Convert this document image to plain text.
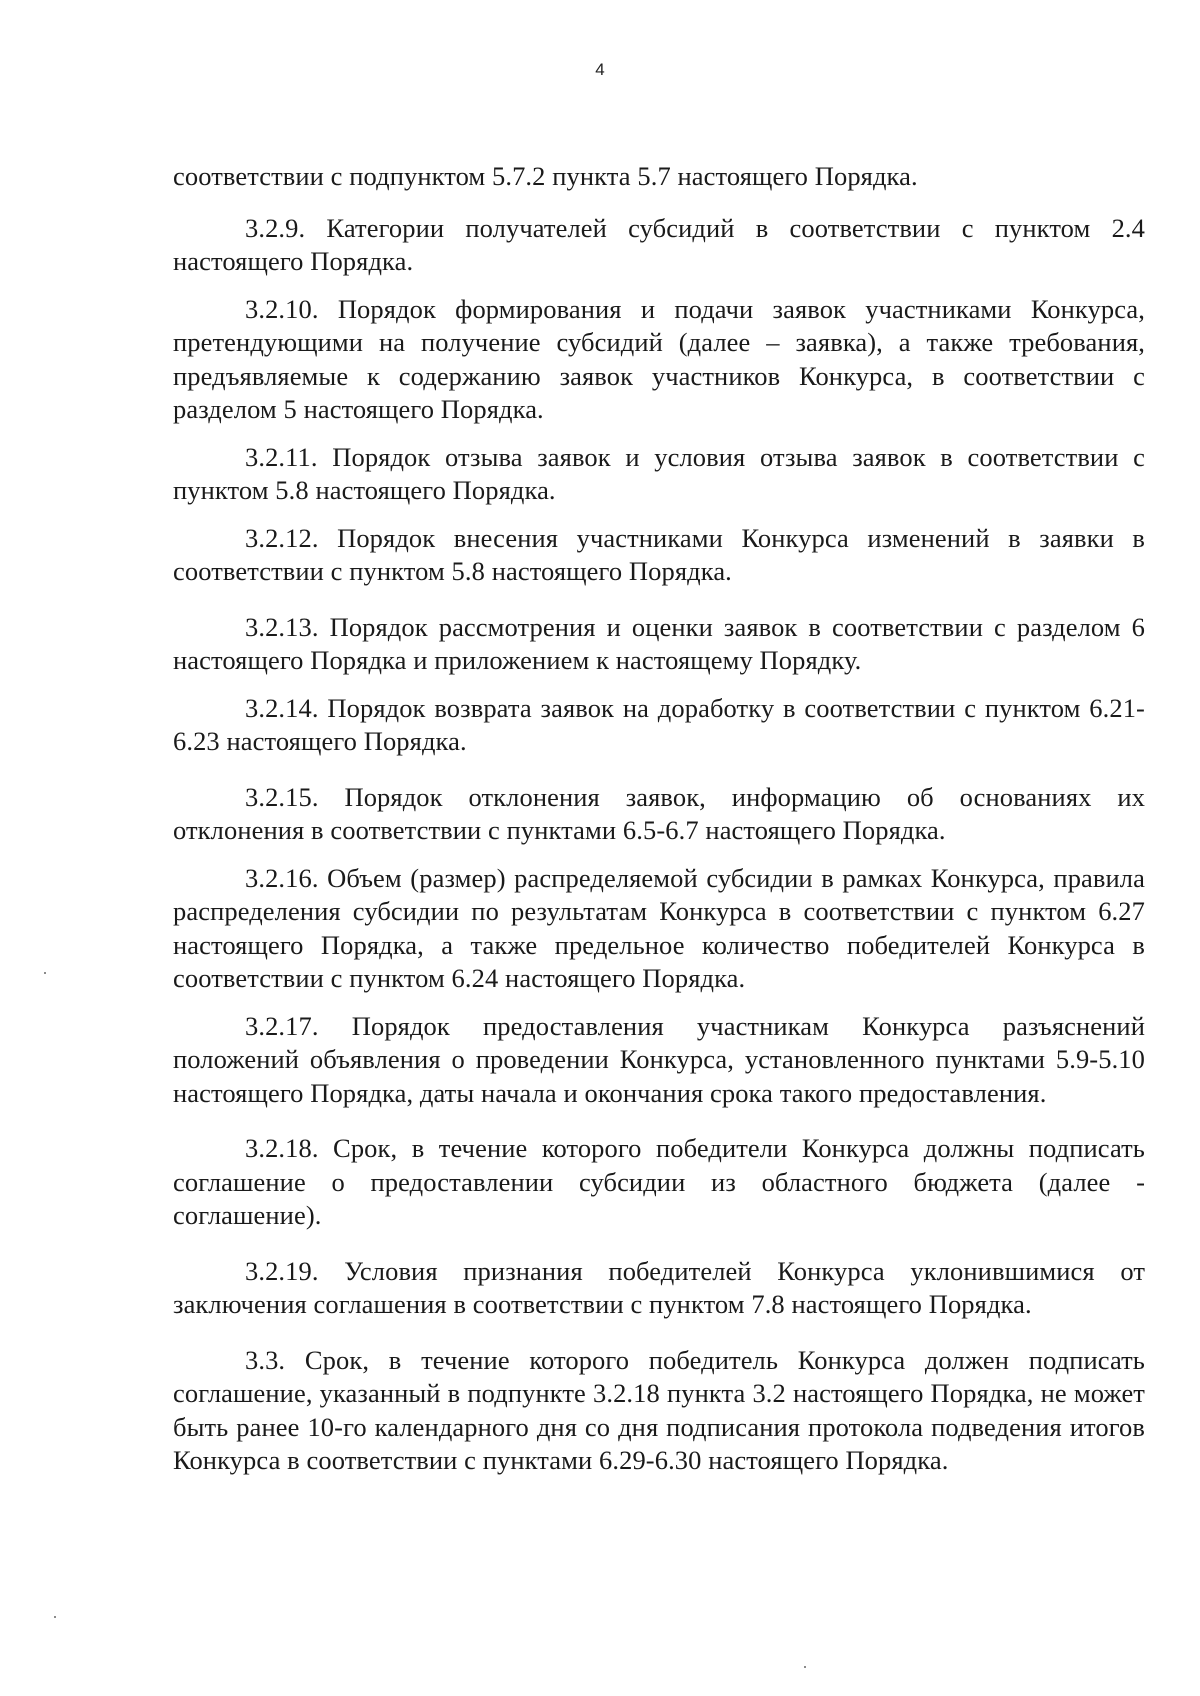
4

соответствии с подпунктом 5.7.2 пункта 5.7 настоящего Порядка.

3.2.9. Категории получателей субсидий в соответствии с пунктом 2.4 настоящего Порядка.

3.2.10. Порядок формирования и подачи заявок участниками Конкурса, претендующими на получение субсидий (далее – заявка), а также требования, предъявляемые к содержанию заявок участников Конкурса, в соответствии с разделом 5 настоящего Порядка.

3.2.11. Порядок отзыва заявок и условия отзыва заявок в соответствии с пунктом 5.8 настоящего Порядка.

3.2.12. Порядок внесения участниками Конкурса изменений в заявки в соответствии с пунктом 5.8 настоящего Порядка.

3.2.13. Порядок рассмотрения и оценки заявок в соответствии с разделом 6 настоящего Порядка и приложением к настоящему Порядку.

3.2.14. Порядок возврата заявок на доработку в соответствии с пунктом 6.21-6.23 настоящего Порядка.

3.2.15. Порядок отклонения заявок, информацию об основаниях их отклонения в соответствии с пунктами 6.5-6.7 настоящего Порядка.

3.2.16. Объем (размер) распределяемой субсидии в рамках Конкурса, правила распределения субсидии по результатам Конкурса в соответствии с пунктом 6.27 настоящего Порядка, а также предельное количество победителей Конкурса в соответствии с пунктом 6.24 настоящего Порядка.

3.2.17. Порядок предоставления участникам Конкурса разъяснений положений объявления о проведении Конкурса, установленного пунктами 5.9-5.10 настоящего Порядка, даты начала и окончания срока такого предоставления.

3.2.18. Срок, в течение которого победители Конкурса должны подписать соглашение о предоставлении субсидии из областного бюджета (далее - соглашение).

3.2.19. Условия признания победителей Конкурса уклонившимися от заключения соглашения в соответствии с пунктом 7.8 настоящего Порядка.

3.3. Срок, в течение которого победитель Конкурса должен подписать соглашение, указанный в подпункте 3.2.18 пункта 3.2 настоящего Порядка, не может быть ранее 10-го календарного дня со дня подписания протокола подведения итогов Конкурса в соответствии с пунктами 6.29-6.30 настоящего Порядка.
